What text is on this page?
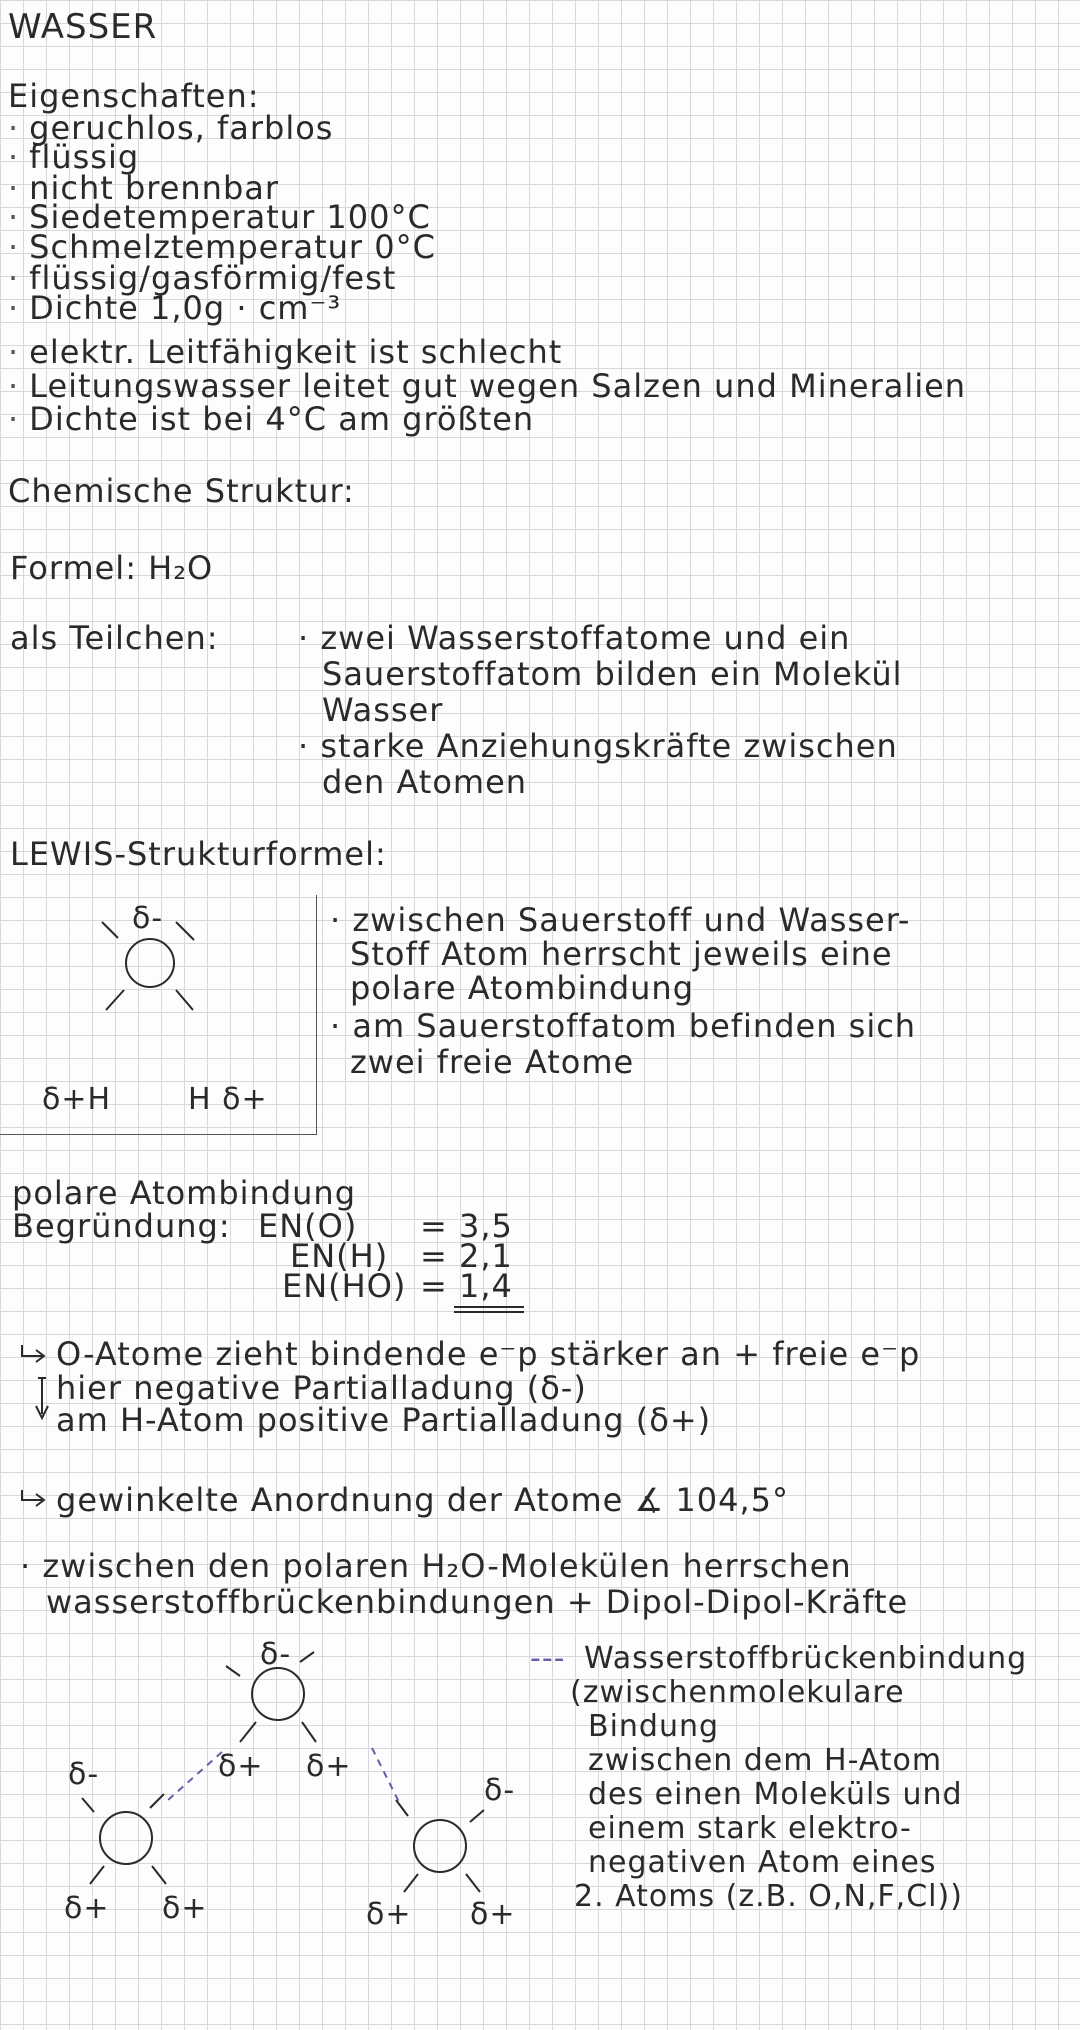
WASSER
Eigenschaften:
· geruchlos, farblos
· flüssig
· nicht brennbar
· Siedetemperatur 100°C
· Schmelztemperatur 0°C
· flüssig/gasförmig/fest
· Dichte 1,0g · cm⁻³
· elektr. Leitfähigkeit ist schlecht
· Leitungswasser leitet gut wegen Salzen und Mineralien
· Dichte ist bei 4°C am größten
Chemische Struktur:
Formel: H₂O
als Teilchen: · zwei Wasserstoffatome und ein
Sauerstoffatom bilden ein Molekül
Wasser
· starke Anziehungskräfte zwischen
den Atomen
LEWIS-Strukturformel:
δ-
δ+H	H δ+
· zwischen Sauerstoff und Wasser-
Stoff Atom herrscht jeweils eine
polare Atombindung
· am Sauerstoffatom befinden sich
zwei freie Atome
polare Atombindung
Begründung: EN(O) = 3,5
EN(H) = 2,1
EN(HO) = 1,4
O-Atome zieht bindende e⁻p stärker an + freie e⁻p
hier negative Partialladung (δ-)
am H-Atom positive Partialladung (δ+)
gewinkelte Anordnung der Atome ∡ 104,5°
· zwischen den polaren H₂O-Molekülen herrschen
wasserstoffbrückenbindungen + Dipol-Dipol-Kräfte
δ-
δ+ δ+
δ-	δ-
δ+ δ+	δ+ δ+
--- Wasserstoffbrückenbindung
(zwischenmolekulare
Bindung
zwischen dem H-Atom
des einen Moleküls und
einem stark elektro-
negativen Atom eines
2. Atoms (z.B. O,N,F,Cl))
